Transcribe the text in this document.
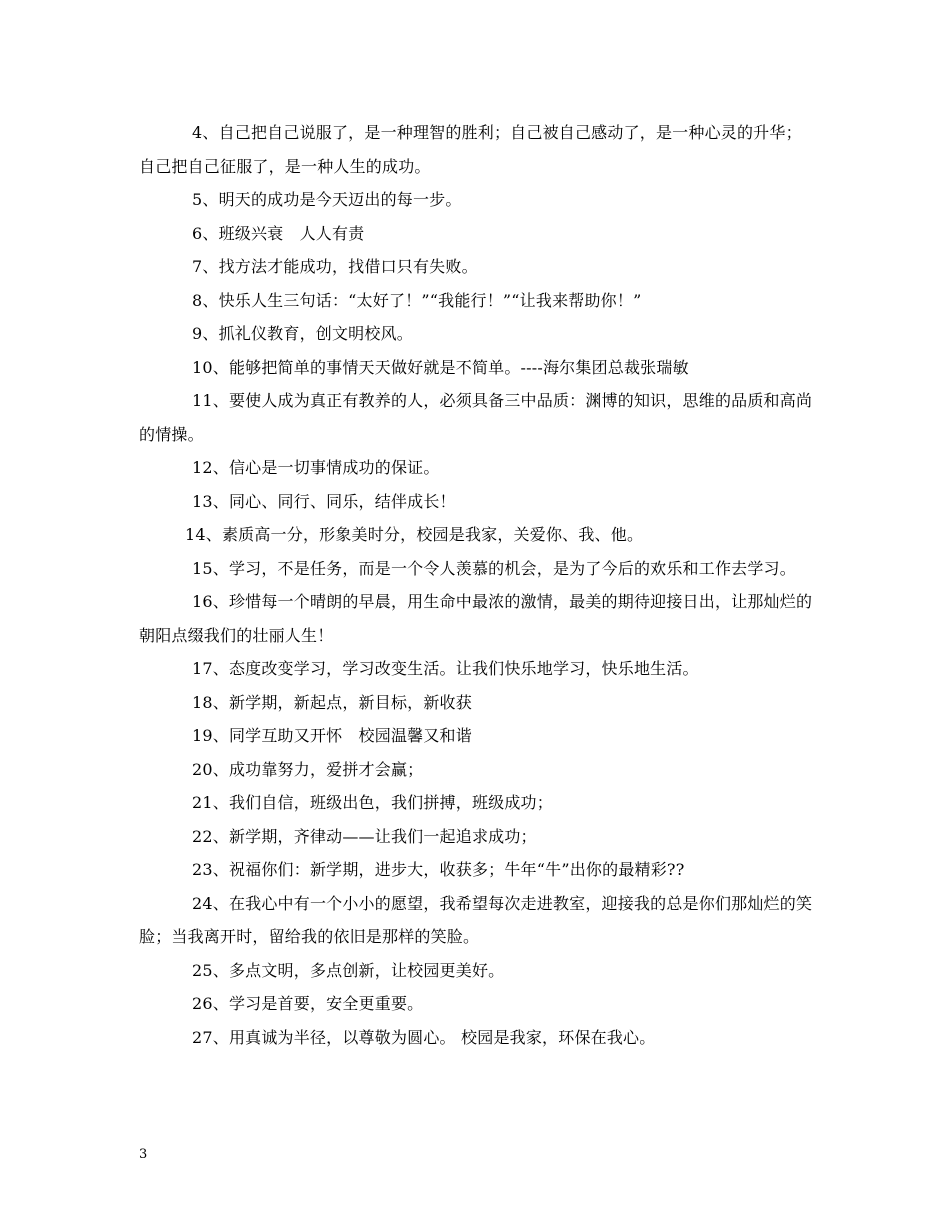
4、自己把自己说服了，是一种理智的胜利；自己被自己感动了，是一种心灵的升华；自己把自己征服了，是一种人生的成功。

5、明天的成功是今天迈出的每一步。

6、班级兴衰　人人有责

7、找方法才能成功，找借口只有失败。

8、快乐人生三句话：“太好了！”“我能行！”“让我来帮助你！”

9、抓礼仪教育，创文明校风。

10、能够把简单的事情天天做好就是不简单。----海尔集团总裁张瑞敏

11、要使人成为真正有教养的人，必须具备三中品质：渊博的知识，思维的品质和高尚的情操。

12、信心是一切事情成功的保证。

13、同心、同行、同乐，结伴成长！

14、素质高一分，形象美时分，校园是我家，关爱你、我、他。

15、学习，不是任务，而是一个令人羡慕的机会，是为了今后的欢乐和工作去学习。

16、珍惜每一个晴朗的早晨，用生命中最浓的激情，最美的期待迎接日出，让那灿烂的朝阳点缀我们的壮丽人生！

17、态度改变学习，学习改变生活。让我们快乐地学习，快乐地生活。

18、新学期，新起点，新目标，新收获

19、同学互助又开怀　校园温馨又和谐

20、成功靠努力，爱拼才会赢；

21、我们自信，班级出色，我们拼搏，班级成功；

22、新学期，齐律动——让我们一起追求成功；

23、祝福你们：新学期，进步大，收获多；牛年“牛”出你的最精彩??

24、在我心中有一个小小的愿望，我希望每次走进教室，迎接我的总是你们那灿烂的笑脸；当我离开时，留给我的依旧是那样的笑脸。

25、多点文明，多点创新，让校园更美好。

26、学习是首要，安全更重要。

27、用真诚为半径，以尊敬为圆心。 校园是我家，环保在我心。

3
